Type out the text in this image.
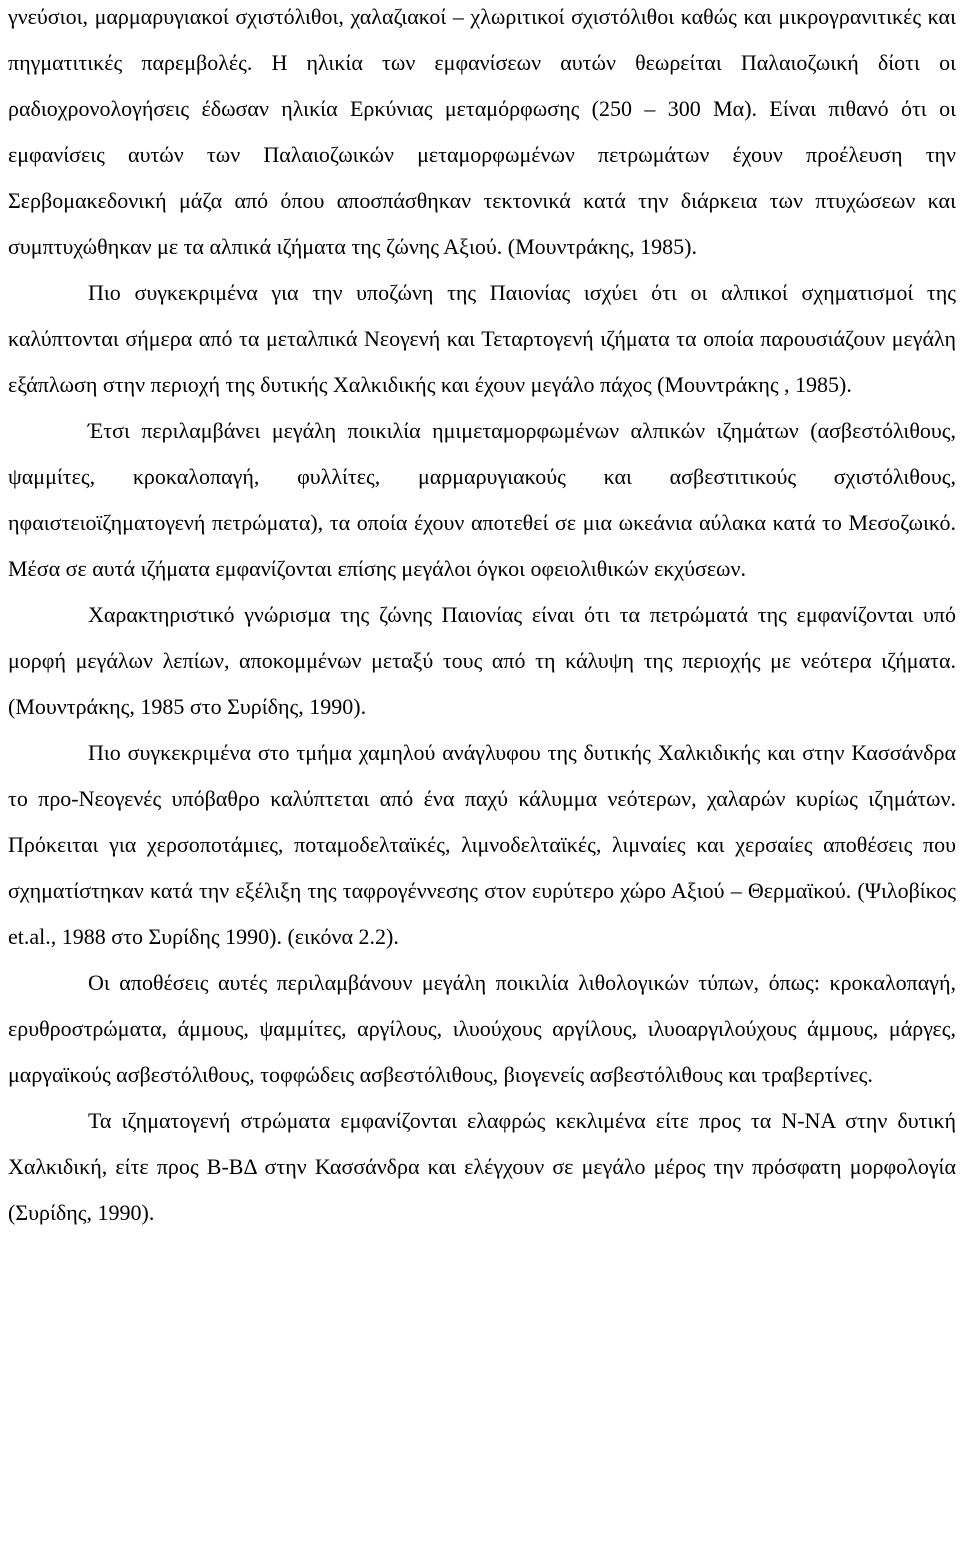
γνεύσιοι, μαρμαρυγιακοί σχιστόλιθοι, χαλαζιακοί – χλωριτικοί σχιστόλιθοι καθώς και μικρογρανιτικές και πηγματιτικές παρεμβολές. Η ηλικία των εμφανίσεων αυτών θεωρείται Παλαιοζωική δίοτι οι ραδιοχρονολογήσεις έδωσαν ηλικία Ερκύνιας μεταμόρφωσης (250 – 300 Μα). Είναι πιθανό ότι οι εμφανίσεις αυτών των Παλαιοζωικών μεταμορφωμένων πετρωμάτων έχουν προέλευση την Σερβομακεδονική μάζα από όπου αποσπάσθηκαν τεκτονικά κατά την διάρκεια των πτυχώσεων και συμπτυχώθηκαν με τα αλπικά ιζήματα της ζώνης Αξιού. (Μουντράκης, 1985).

Πιο συγκεκριμένα για την υποζώνη της Παιονίας ισχύει ότι οι αλπικοί σχηματισμοί της καλύπτονται σήμερα από τα μεταλπικά Νεογενή και Τεταρτογενή ιζήματα τα οποία παρουσιάζουν μεγάλη εξάπλωση στην περιοχή της δυτικής Χαλκιδικής και έχουν μεγάλο πάχος (Μουντράκης , 1985).

Έτσι περιλαμβάνει μεγάλη ποικιλία ημιμεταμορφωμένων αλπικών ιζημάτων (ασβεστόλιθους, ψαμμίτες, κροκαλοπαγή, φυλλίτες, μαρμαρυγιακούς και ασβεστιτικούς σχιστόλιθους, ηφαιστειοϊζηματογενή πετρώματα), τα οποία έχουν αποτεθεί σε μια ωκεάνια αύλακα κατά το Μεσοζωικό. Μέσα σε αυτά ιζήματα εμφανίζονται επίσης μεγάλοι όγκοι οφειολιθικών εκχύσεων.

Χαρακτηριστικό γνώρισμα της ζώνης Παιονίας είναι ότι τα πετρώματά της εμφανίζονται υπό μορφή μεγάλων λεπίων, αποκομμένων μεταξύ τους από τη κάλυψη της περιοχής με νεότερα ιζήματα. (Μουντράκης, 1985 στο Συρίδης, 1990).

Πιο συγκεκριμένα στο τμήμα χαμηλού ανάγλυφου της δυτικής Χαλκιδικής και στην Κασσάνδρα το προ-Νεογενές υπόβαθρο καλύπτεται από ένα παχύ κάλυμμα νεότερων, χαλαρών κυρίως ιζημάτων. Πρόκειται για χερσοποτάμιες, ποταμοδελταϊκές, λιμνοδελταϊκές, λιμναίες και χερσαίες αποθέσεις που σχηματίστηκαν κατά την εξέλιξη της ταφρογέννεσης στον ευρύτερο χώρο Αξιού – Θερμαϊκού. (Ψιλοβίκος et.al., 1988 στο Συρίδης 1990). (εικόνα 2.2).

Οι αποθέσεις αυτές περιλαμβάνουν μεγάλη ποικιλία λιθολογικών τύπων, όπως: κροκαλοπαγή, ερυθροστρώματα, άμμους, ψαμμίτες, αργίλους, ιλυούχους αργίλους, ιλυοαργιλούχους άμμους, μάργες, μαργαϊκούς ασβεστόλιθους, τοφφώδεις ασβεστόλιθους, βιογενείς ασβεστόλιθους και τραβερτίνες.

Τα ιζηματογενή στρώματα εμφανίζονται ελαφρώς κεκλιμένα είτε προς τα Ν-ΝΑ στην δυτική Χαλκιδική, είτε προς Β-ΒΔ στην Κασσάνδρα και ελέγχουν σε μεγάλο μέρος την πρόσφατη μορφολογία (Συρίδης, 1990).
